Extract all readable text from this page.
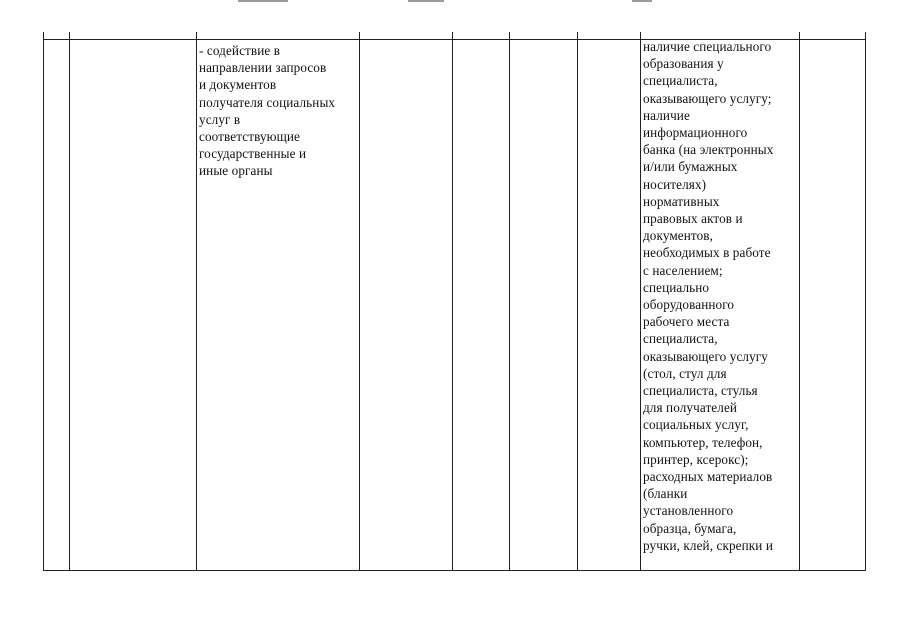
- содействие в
направлении запросов
и документов
получателя социальных
услуг в
соответствующие
государственные и
иные органы
наличие специального
образования у
специалиста,
оказывающего услугу;
наличие
информационного
банка (на электронных
и/или бумажных
носителях)
нормативных
правовых актов и
документов,
необходимых в работе
с населением;
специально
оборудованного
рабочего места
специалиста,
оказывающего услугу
(стол, стул для
специалиста, стулья
для получателей
социальных услуг,
компьютер, телефон,
принтер, ксерокс);
расходных материалов
(бланки
установленного
образца, бумага,
ручки, клей, скрепки и
